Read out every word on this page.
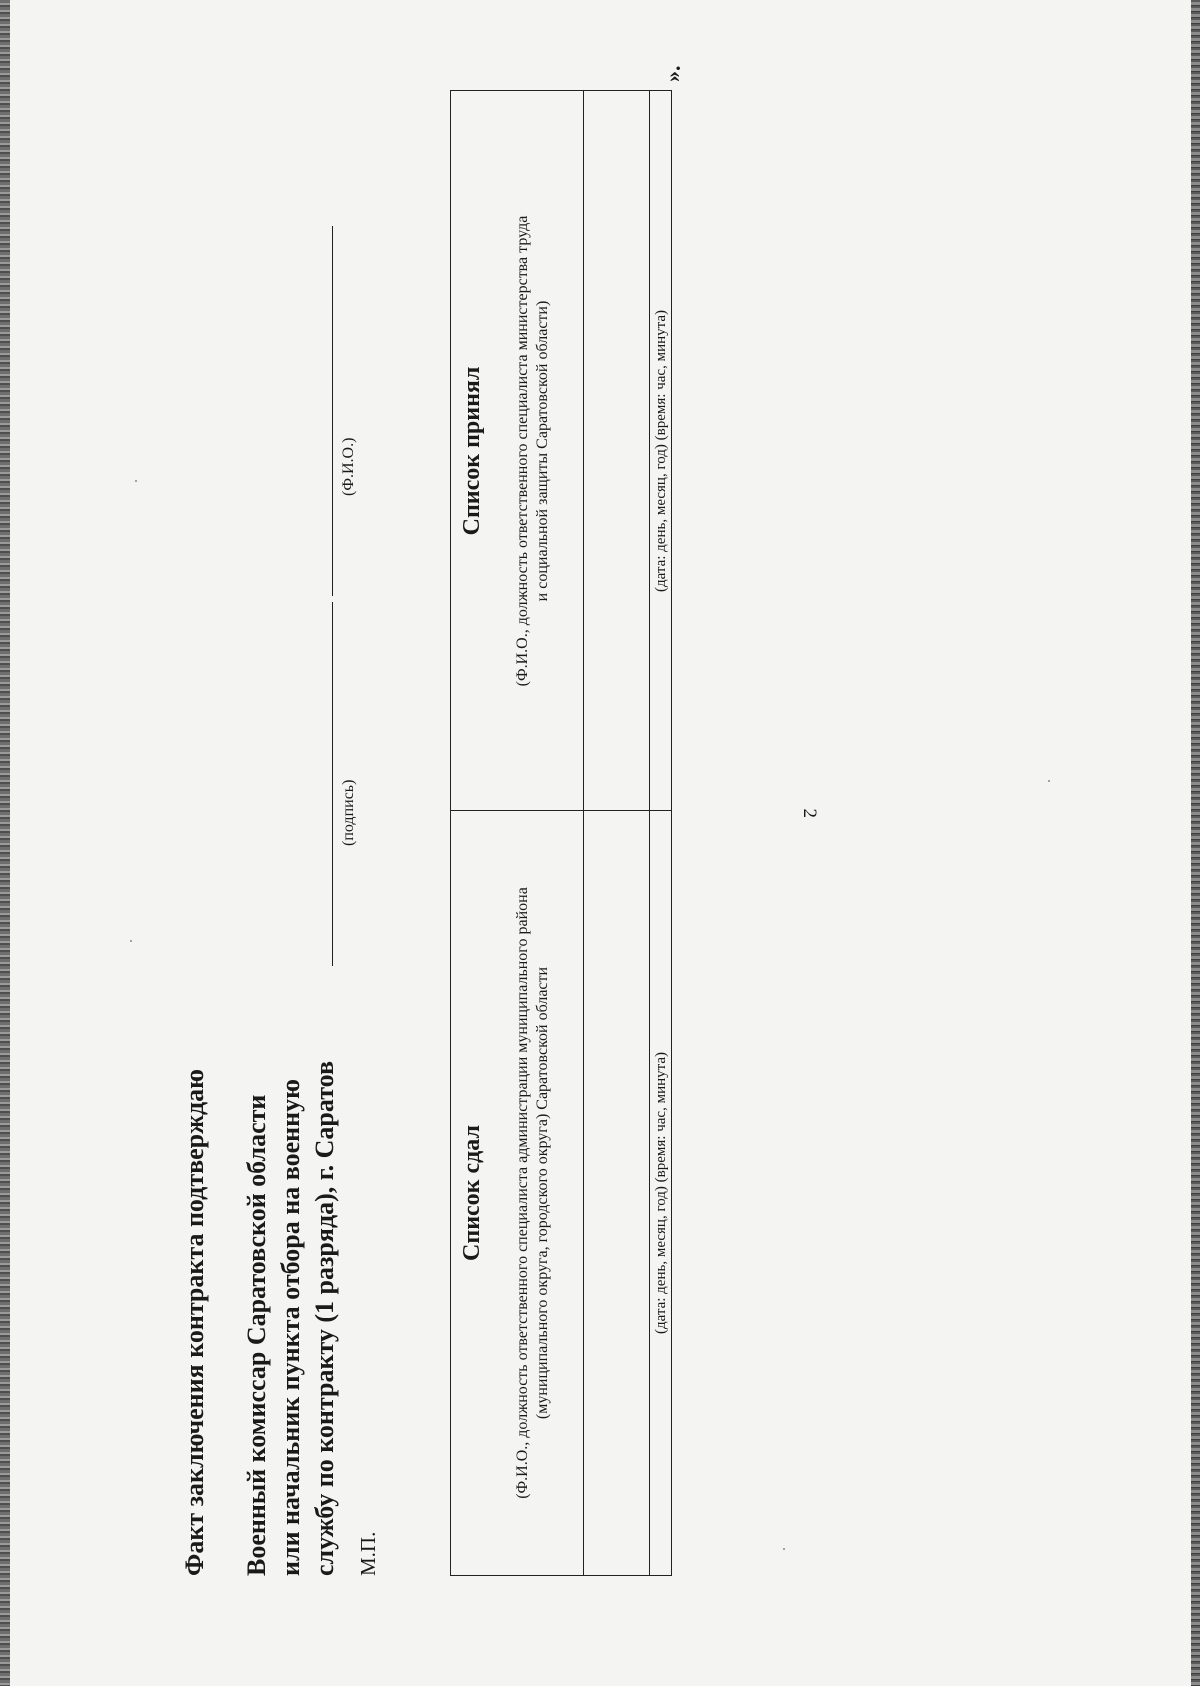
2
Факт заключения контракта подтверждаю Военный комиссар Саратовской области или начальник пункта отбора на военную службу по контракту (1 разряда), г. Саратов М.П.
(подпись)
(Ф.И.О.)
Список сдал (Ф.И.О., должность ответственного специалиста администрации муниципального района (муниципального округа, городского округа) Саратовской области	(дата: день, месяц, год) (время: час, минута)
Список принял (Ф.И.О., должность ответственного специалиста министерства труда и социальной защиты Саратовской области)	(дата: день, месяц, год) (время: час, минута)
».
